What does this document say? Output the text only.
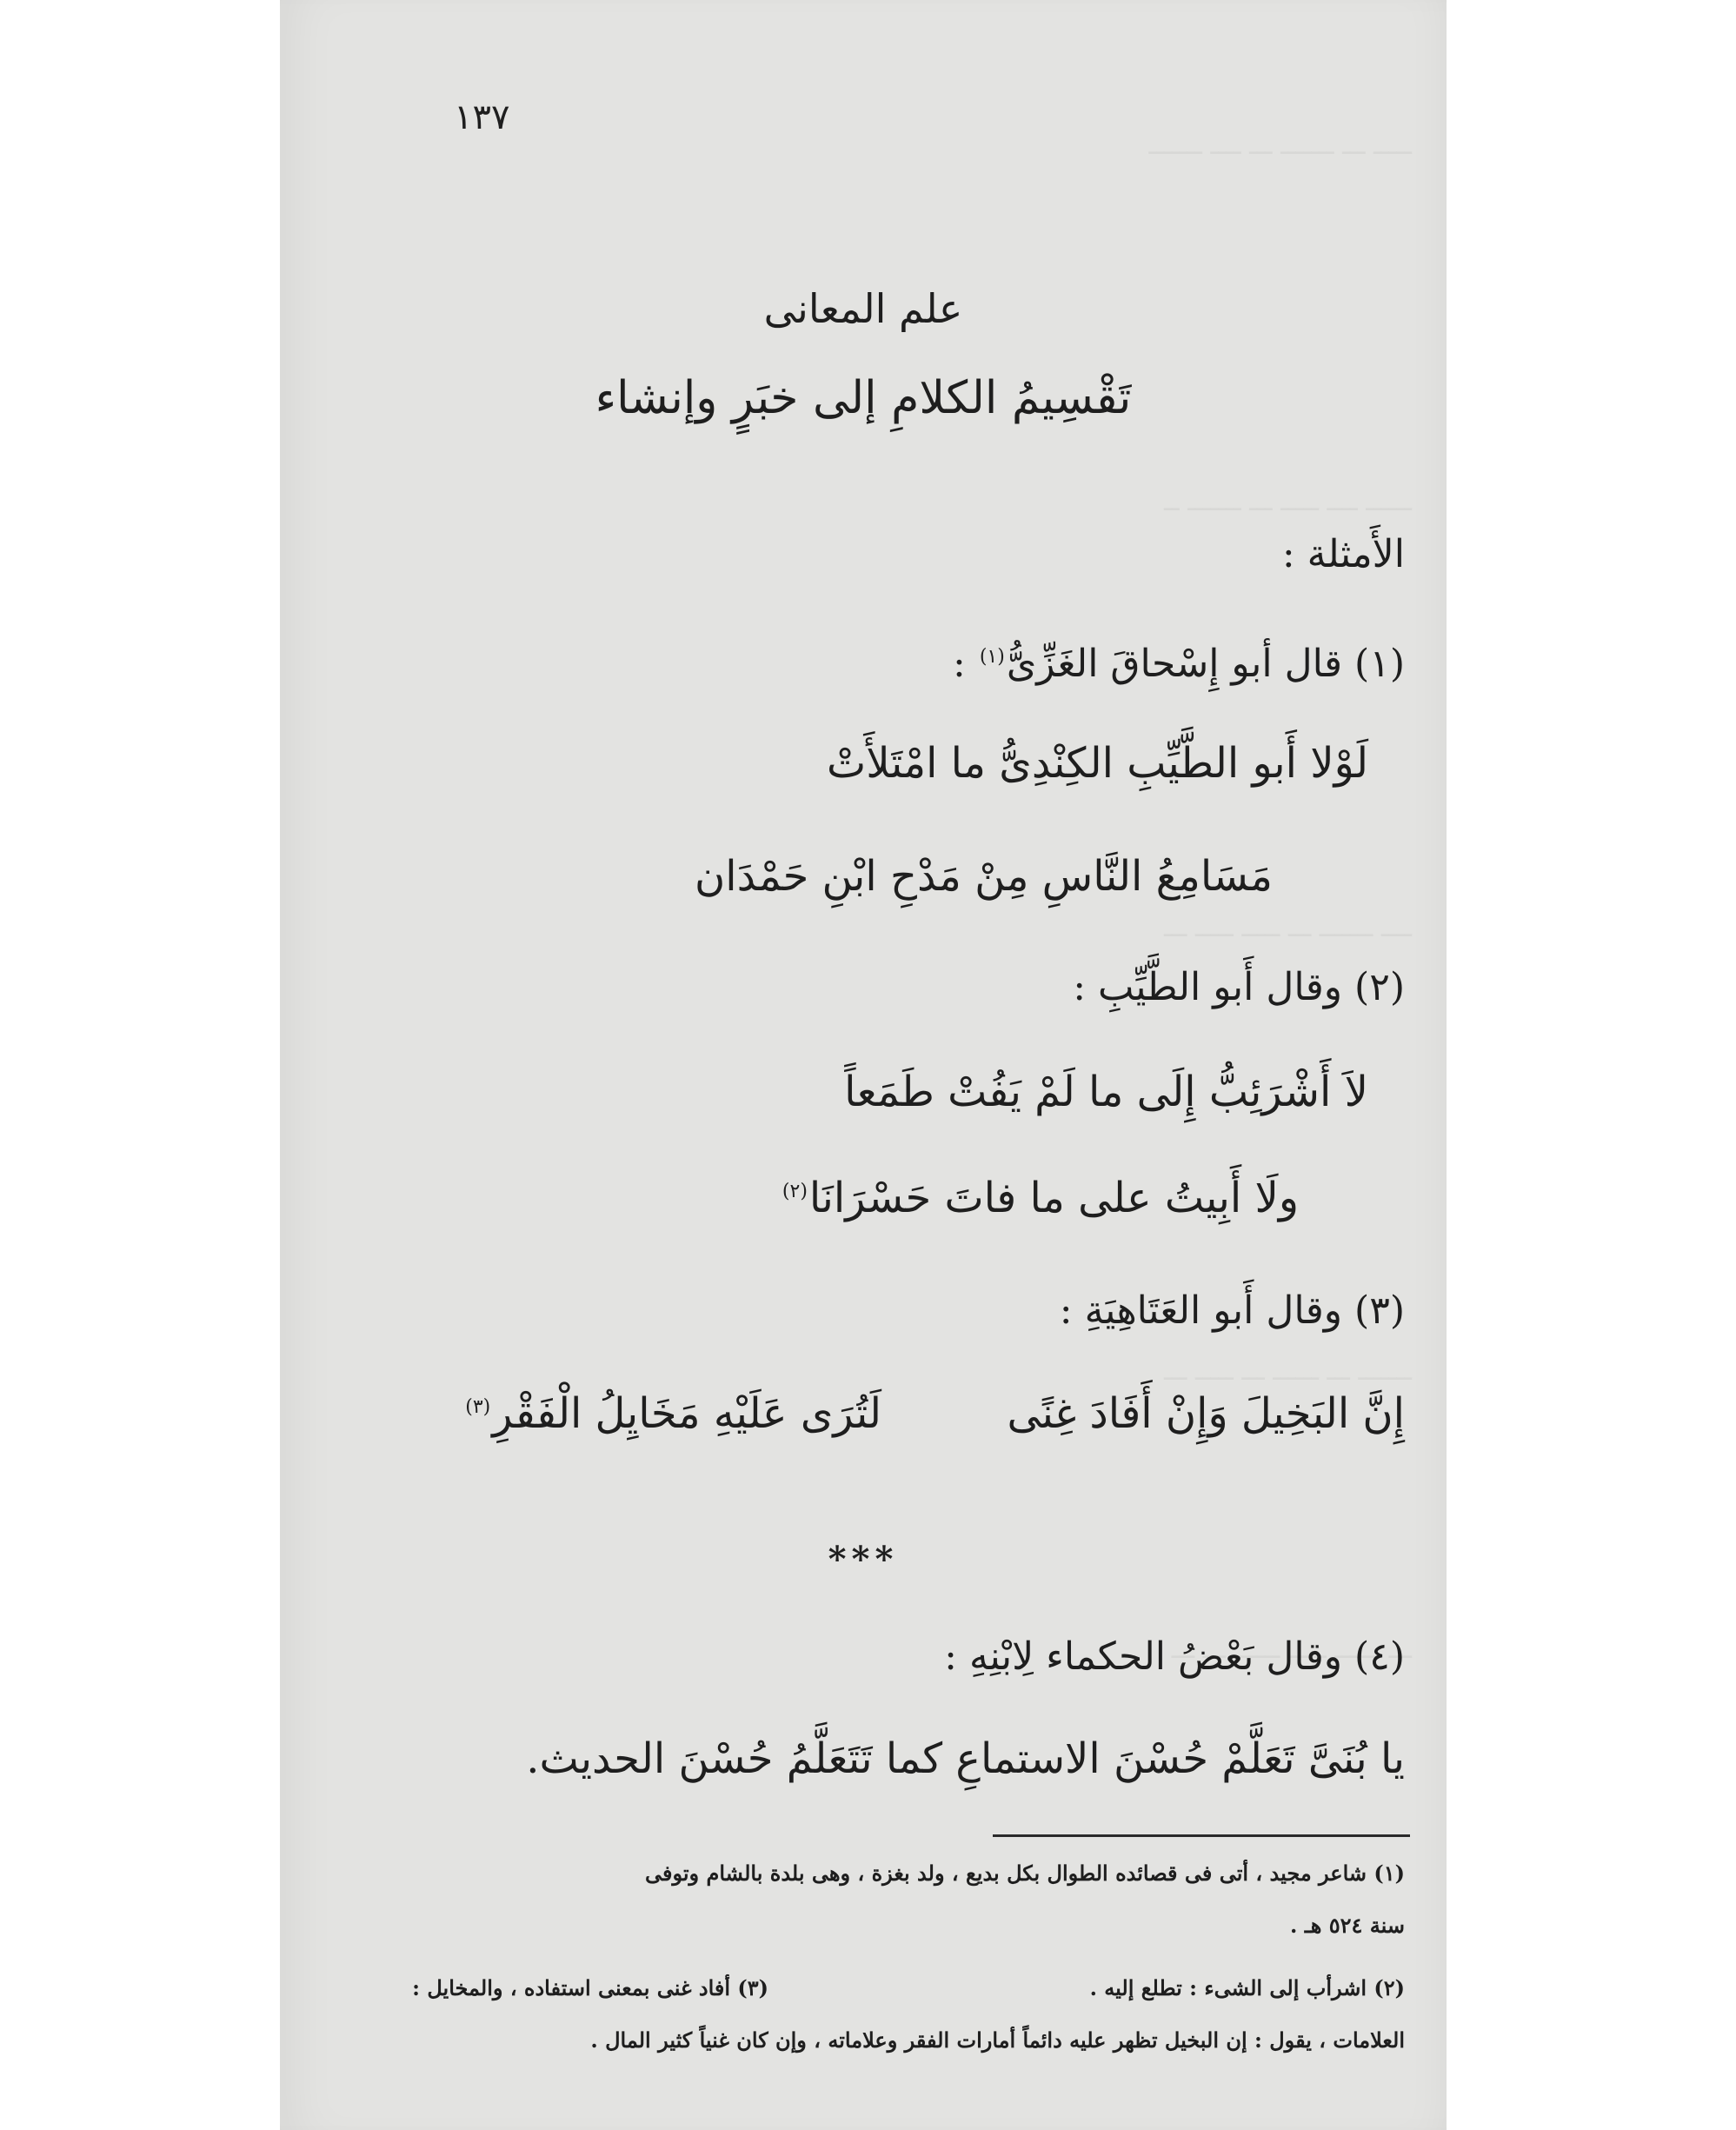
١٣٧
علم المعانى
تَقْسِيمُ الكلامِ إلى خبَرٍ وإنشاء
الأَمثلة :
(١) قال أبو إِسْحاقَ الغَزِّىُّ$^{(١)}$ :
لَوْلا أَبو الطَّيِّبِ الكِنْدِىُّ ما امْتَلأَتْ
مَسَامِعُ النَّاسِ مِنْ مَدْحِ ابْنِ حَمْدَان
(٢) وقال أَبو الطَّيِّبِ :
لاَ أَشْرَئِبُّ إِلَى ما لَمْ يَفُتْ طَمَعاً
ولَا أَبِيتُ على ما فاتَ حَسْرَانَا$^{(٢)}$
(٣) وقال أَبو العَتَاهِيَةِ :
إِنَّ البَخِيلَ وَإِنْ أَفَادَ غِنًى
لَتُرَى عَلَيْهِ مَخَايِلُ الْفَقْرِ$^{(٣)}$
***
(٤) وقال بَعْضُ الحكماء لِابْنِهِ :
يا بُنَىَّ تَعَلَّمْ حُسْنَ الاستماعِ كما تَتَعَلَّمُ حُسْنَ الحديث.
(١) شاعر مجيد ، أتى فى قصائده الطوال بكل بديع ، ولد بغزة ، وهى بلدة بالشام وتوفى
سنة ٥٢٤ هـ .
(٢) اشرأب إلى الشىء : تطلع إليه .
(٣) أفاد غنى بمعنى استفاده ، والمخايل :
العلامات ، يقول : إن البخيل تظهر عليه دائماً أمارات الفقر وعلاماته ، وإن كان غنياً كثير المال .
